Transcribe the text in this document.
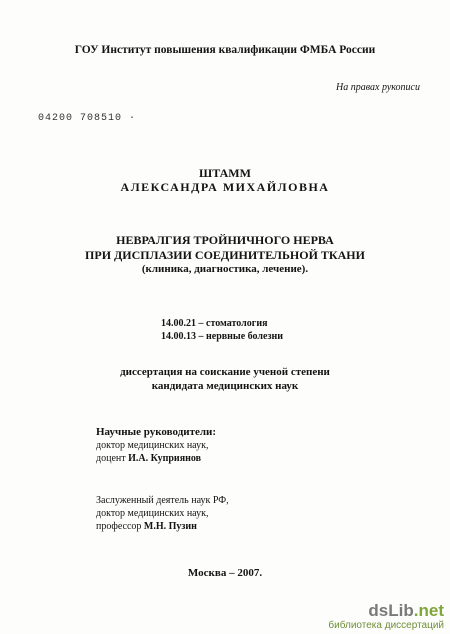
ГОУ Институт повышения квалификации ФМБА России
На правах рукописи
04200 708510 ·
ШТАММ
АЛЕКСАНДРА МИХАЙЛОВНА
НЕВРАЛГИЯ ТРОЙНИЧНОГО НЕРВА
ПРИ ДИСПЛАЗИИ СОЕДИНИТЕЛЬНОЙ ТКАНИ
(клиника, диагностика, лечение).
14.00.21 – стоматология
14.00.13 – нервные болезни
диссертация на соискание ученой степени
кандидата медицинских наук
Научные руководители:
доктор медицинских наук,
доцент И.А. Куприянов
Заслуженный деятель наук РФ,
доктор медицинских наук,
профессор М.Н. Пузин
Москва – 2007.
dsLib.net
библиотека диссертаций
